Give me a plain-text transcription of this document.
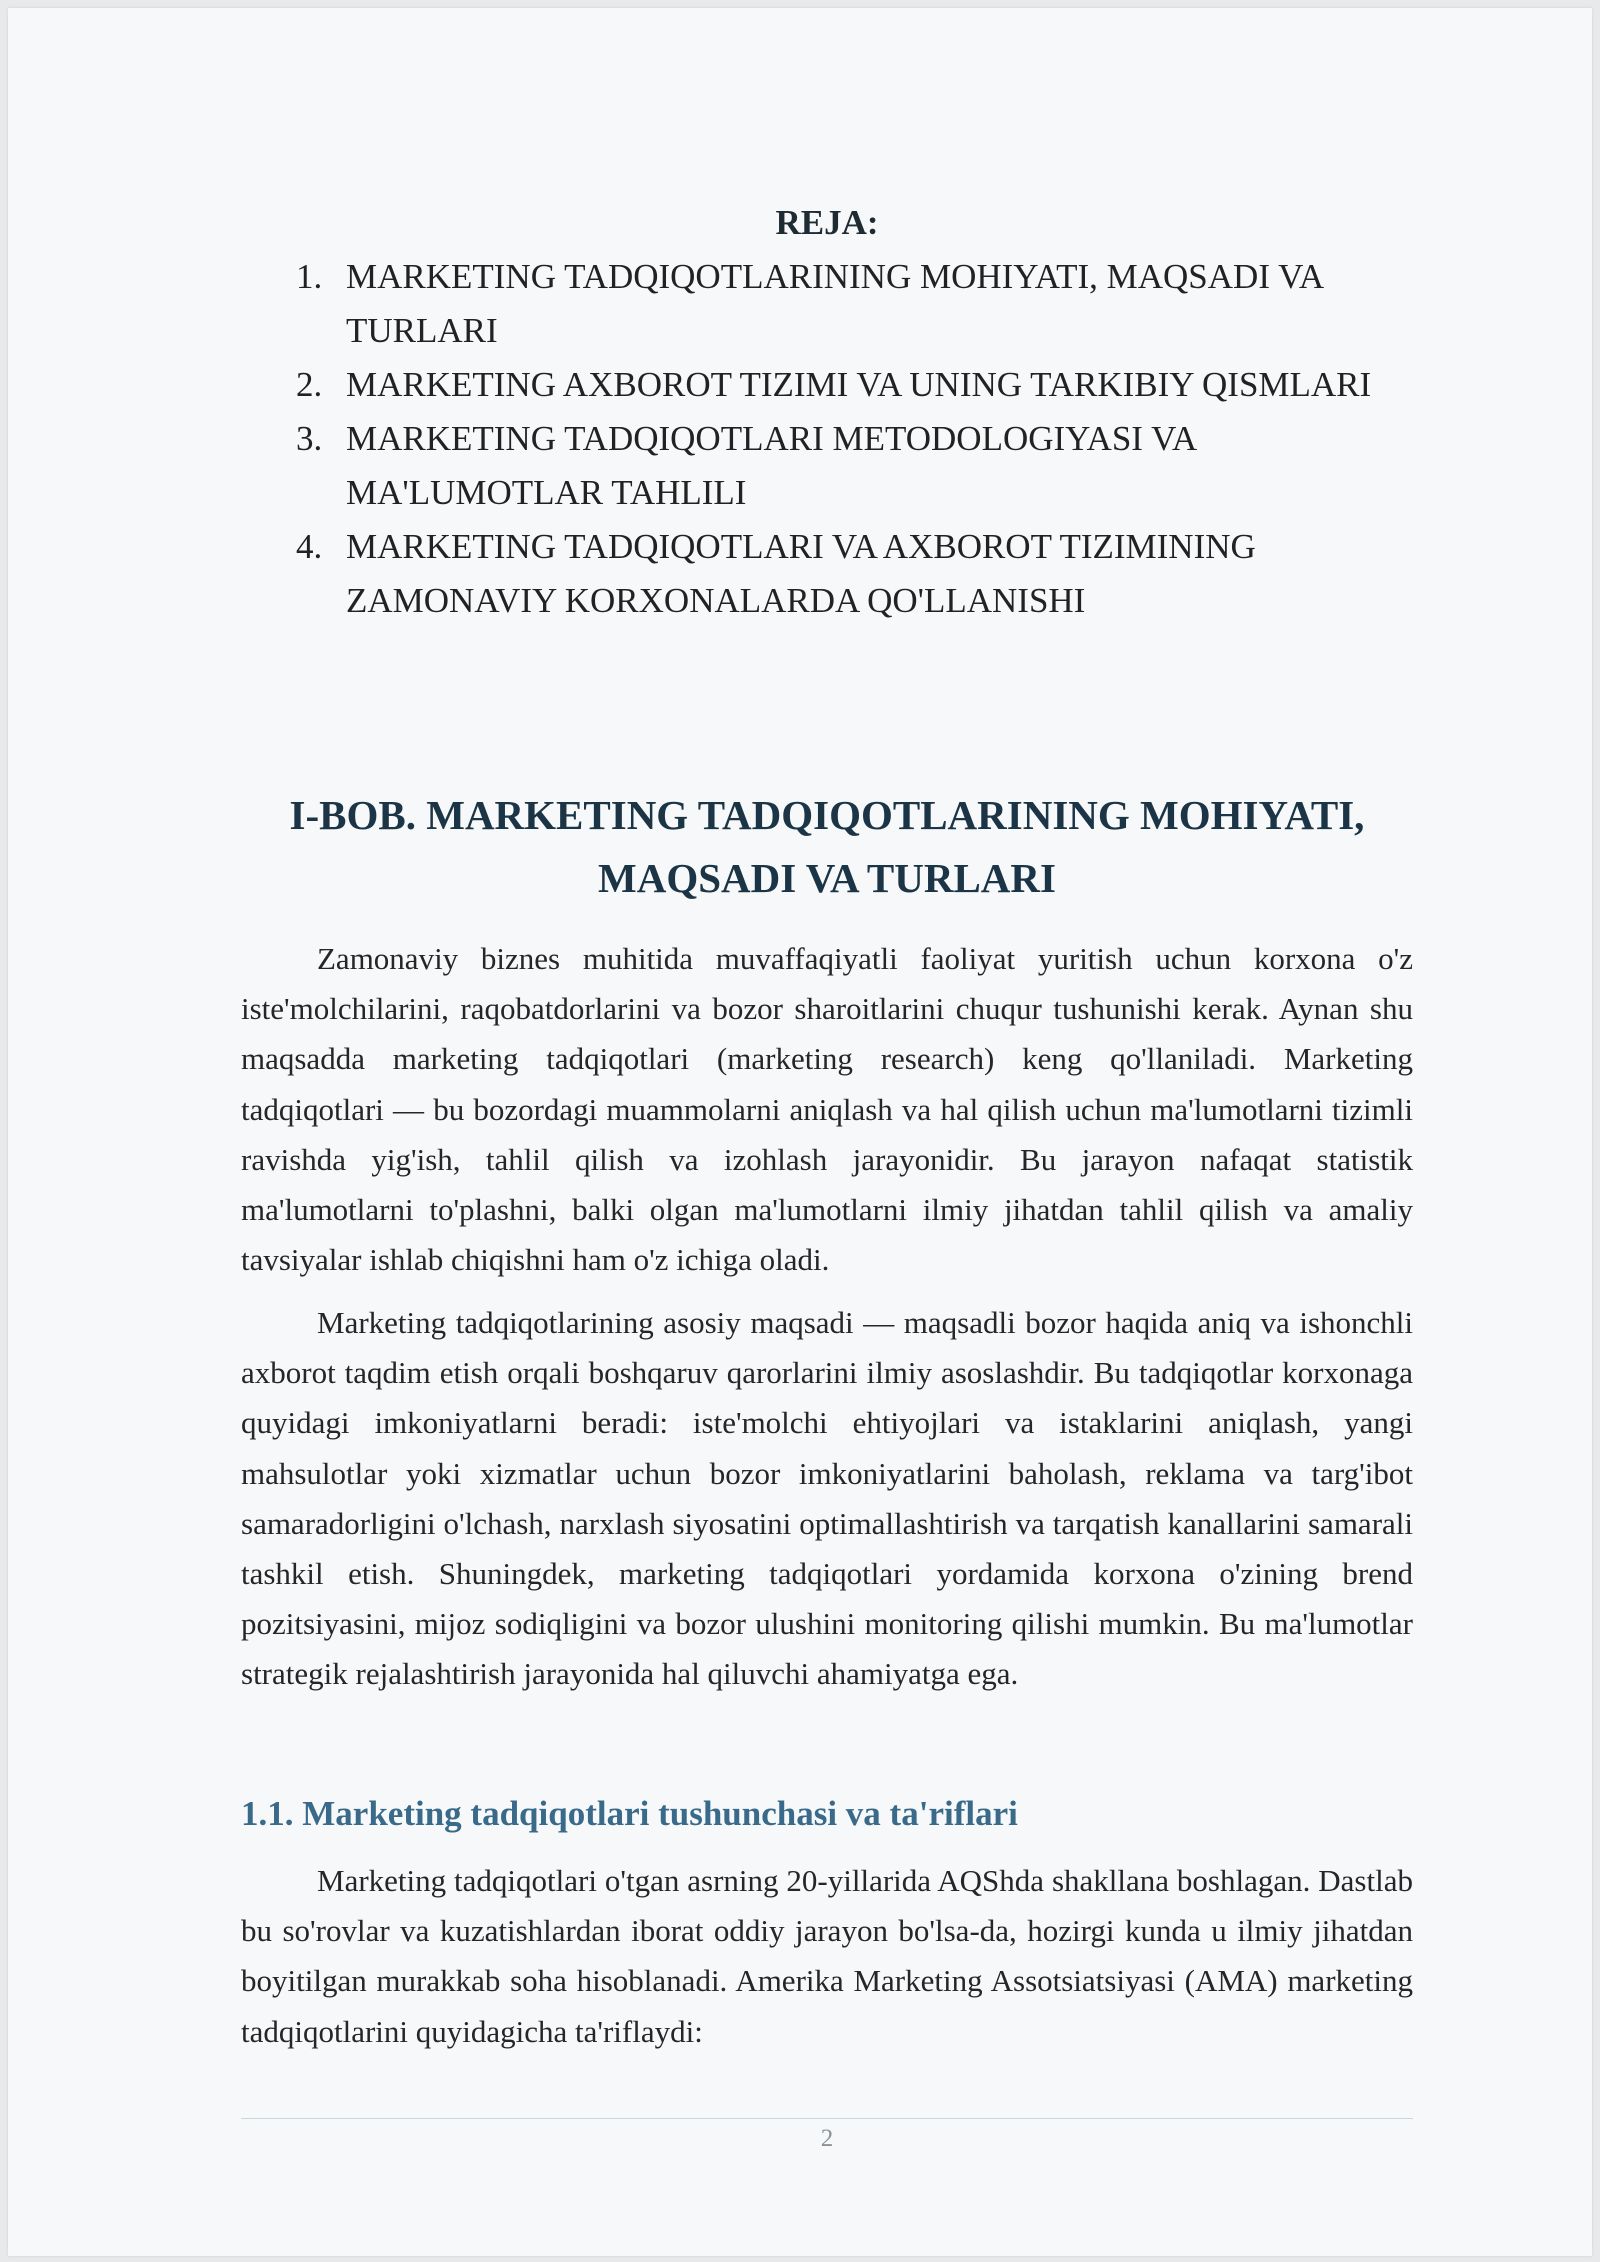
REJA:
1. MARKETING TADQIQOTLARINING MOHIYATI, MAQSADI VA TURLARI
2. MARKETING AXBOROT TIZIMI VA UNING TARKIBIY QISMLARI
3. MARKETING TADQIQOTLARI METODOLOGIYASI VA MA'LUMOTLAR TAHLILI
4. MARKETING TADQIQOTLARI VA AXBOROT TIZIMINING ZAMONAVIY KORXONALARDA QO'LLANISHI
I-BOB. MARKETING TADQIQOTLARINING MOHIYATI, MAQSADI VA TURLARI

Zamonaviy biznes muhitida muvaffaqiyatli faoliyat yuritish uchun korxona o'z iste'molchilarini, raqobatdorlarini va bozor sharoitlarini chuqur tushunishi kerak. Aynan shu maqsadda marketing tadqiqotlari (marketing research) keng qo'llaniladi. Marketing tadqiqotlari — bu bozordagi muammolarni aniqlash va hal qilish uchun ma'lumotlarni tizimli ravishda yig'ish, tahlil qilish va izohlash jarayonidir. Bu jarayon nafaqat statistik ma'lumotlarni to'plashni, balki olgan ma'lumotlarni ilmiy jihatdan tahlil qilish va amaliy tavsiyalar ishlab chiqishni ham o'z ichiga oladi.

Marketing tadqiqotlarining asosiy maqsadi — maqsadli bozor haqida aniq va ishonchli axborot taqdim etish orqali boshqaruv qarorlarini ilmiy asoslashdir. Bu tadqiqotlar korxonaga quyidagi imkoniyatlarni beradi: iste'molchi ehtiyojlari va istaklarini aniqlash, yangi mahsulotlar yoki xizmatlar uchun bozor imkoniyatlarini baholash, reklama va targ'ibot samaradorligini o'lchash, narxlash siyosatini optimallashtirish va tarqatish kanallarini samarali tashkil etish. Shuningdek, marketing tadqiqotlari yordamida korxona o'zining brend pozitsiyasini, mijoz sodiqligini va bozor ulushini monitoring qilishi mumkin. Bu ma'lumotlar strategik rejalashtirish jarayonida hal qiluvchi ahamiyatga ega.

1.1. Marketing tadqiqotlari tushunchasi va ta'riflari

Marketing tadqiqotlari o'tgan asrning 20-yillarida AQShda shakllana boshlagan. Dastlab bu so'rovlar va kuzatishlardan iborat oddiy jarayon bo'lsa-da, hozirgi kunda u ilmiy jihatdan boyitilgan murakkab soha hisoblanadi. Amerika Marketing Assotsiatsiyasi (AMA) marketing tadqiqotlarini quyidagicha ta'riflaydi:

2
